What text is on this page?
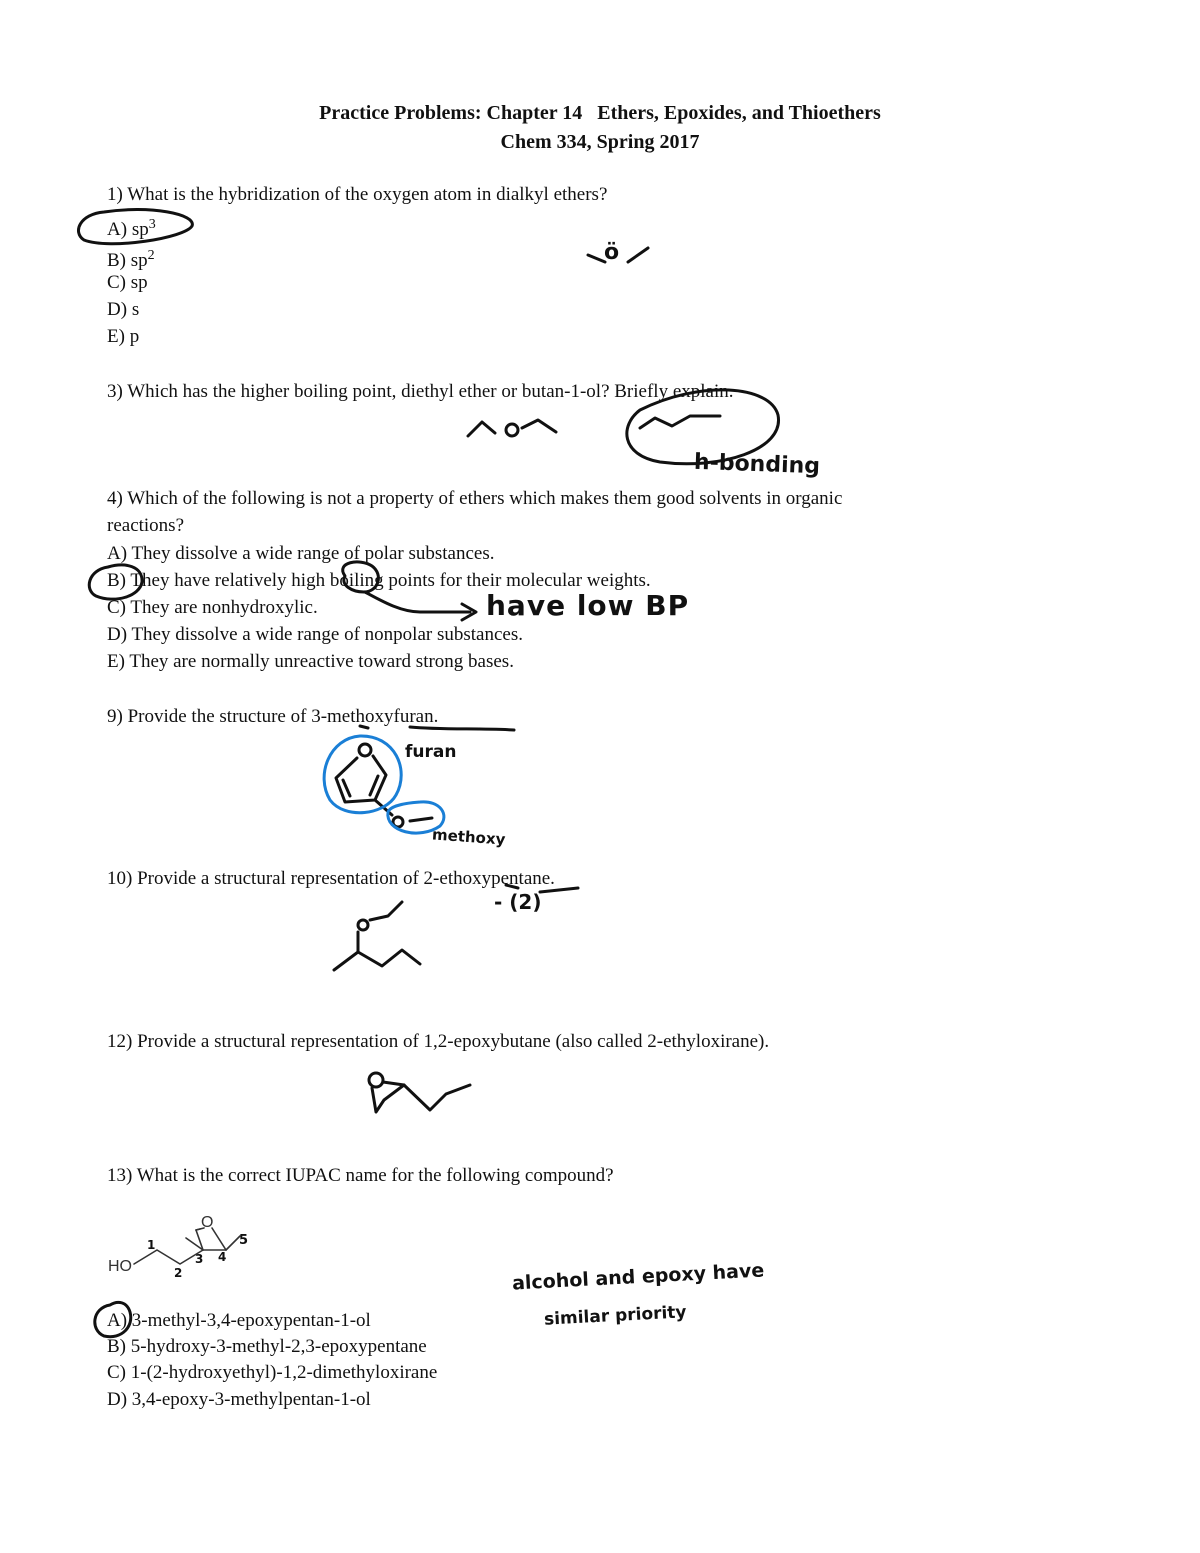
Practice Problems: Chapter 14   Ethers, Epoxides, and Thioethers
Chem 334, Spring 2017
1) What is the hybridization of the oxygen atom in dialkyl ethers?
A) $sp^3$
B) $sp^2$
C) sp
D) s
E) p
3) Which has the higher boiling point, diethyl ether or butan-1-ol? Briefly explain.
4) Which of the following is not a property of ethers which makes them good solvents in organic
reactions?
A) They dissolve a wide range of polar substances.
B) They have relatively high boiling points for their molecular weights.
C) They are nonhydroxylic.
D) They dissolve a wide range of nonpolar substances.
E) They are normally unreactive toward strong bases.
9) Provide the structure of 3-methoxyfuran.
10) Provide a structural representation of 2-ethoxypentane.
12) Provide a structural representation of 1,2-epoxybutane (also called 2-ethyloxirane).
13) What is the correct IUPAC name for the following compound?
HO
O
A) 3-methyl-3,4-epoxypentan-1-ol
B) 5-hydroxy-3-methyl-2,3-epoxypentane
C) 1-(2-hydroxyethyl)-1,2-dimethyloxirane
D) 3,4-epoxy-3-methylpentan-1-ol
ö
h-bonding
have low BP
furan
methoxy
- (2)
1
2
3 4
5
alcohol and epoxy have
similar priority
